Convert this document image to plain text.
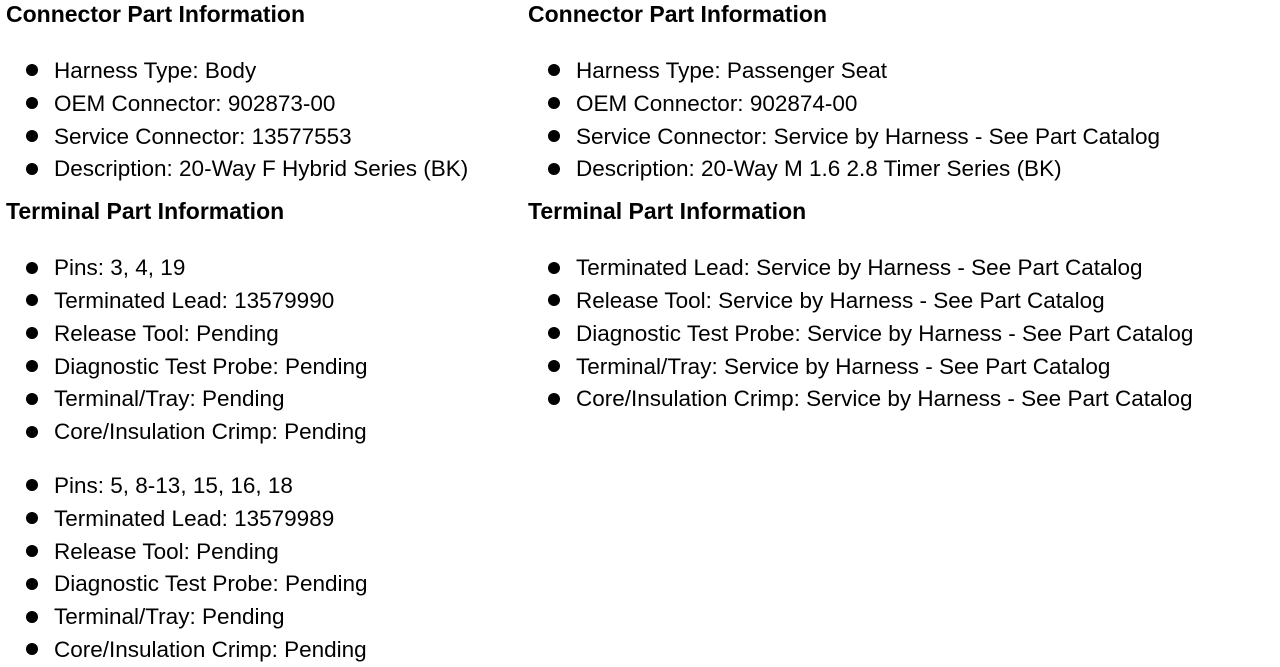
Connector Part Information
Harness Type: Body
OEM Connector: 902873-00
Service Connector: 13577553
Description: 20-Way F Hybrid Series (BK)
Terminal Part Information
Pins: 3, 4, 19
Terminated Lead: 13579990
Release Tool: Pending
Diagnostic Test Probe: Pending
Terminal/Tray: Pending
Core/Insulation Crimp: Pending
Pins: 5, 8-13, 15, 16, 18
Terminated Lead: 13579989
Release Tool: Pending
Diagnostic Test Probe: Pending
Terminal/Tray: Pending
Core/Insulation Crimp: Pending
Connector Part Information
Harness Type: Passenger Seat
OEM Connector: 902874-00
Service Connector: Service by Harness - See Part Catalog
Description: 20-Way M 1.6 2.8 Timer Series (BK)
Terminal Part Information
Terminated Lead: Service by Harness - See Part Catalog
Release Tool: Service by Harness - See Part Catalog
Diagnostic Test Probe: Service by Harness - See Part Catalog
Terminal/Tray: Service by Harness - See Part Catalog
Core/Insulation Crimp: Service by Harness - See Part Catalog
